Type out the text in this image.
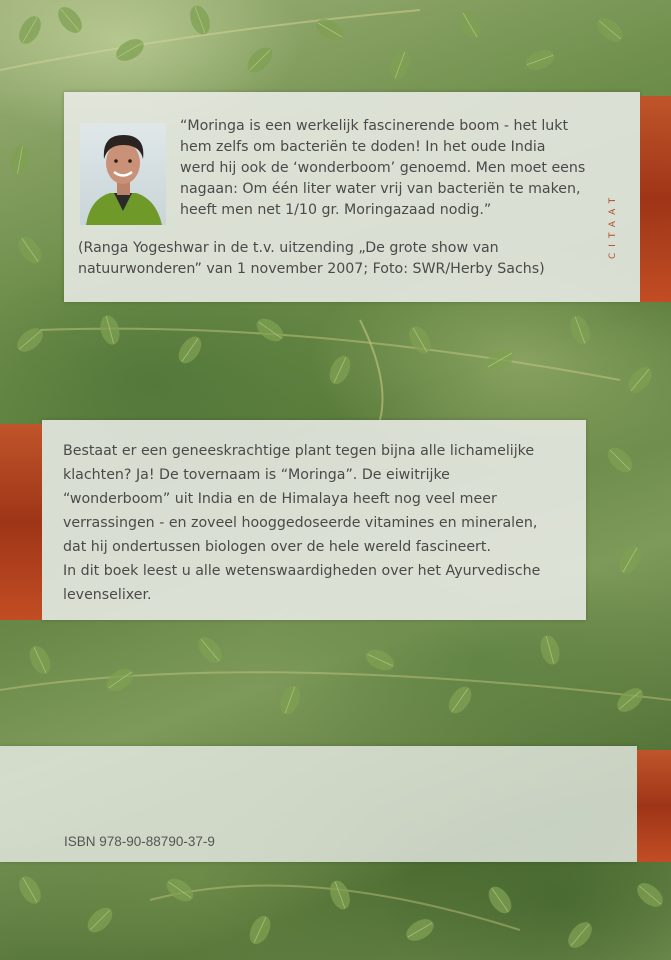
CITAAT
“Moringa is een werkelijk fascinerende boom - het lukt
hem zelfs om bacteriën te doden! In het oude India
werd hij ook de ‘wonderboom’ genoemd. Men moet eens
nagaan: Om één liter water vrij van bacteriën te maken,
heeft men net 1/10 gr. Moringazaad nodig.”
(Ranga Yogeshwar in de t.v. uitzending „De grote show van
natuurwonderen” van 1 november 2007; Foto: SWR/Herby Sachs)
Bestaat er een geneeskrachtige plant tegen bijna alle lichamelijke
klachten? Ja! De tovernaam is “Moringa”. De eiwitrijke
“wonderboom” uit India en de Himalaya heeft nog veel meer
verrassingen - en zoveel hooggedoseerde vitamines en mineralen,
dat hij ondertussen biologen over de hele wereld fascineert.
In dit boek leest u alle wetenswaardigheden over het Ayurvedische
levenselixer.

ISBN 978-90-88790-37-9
